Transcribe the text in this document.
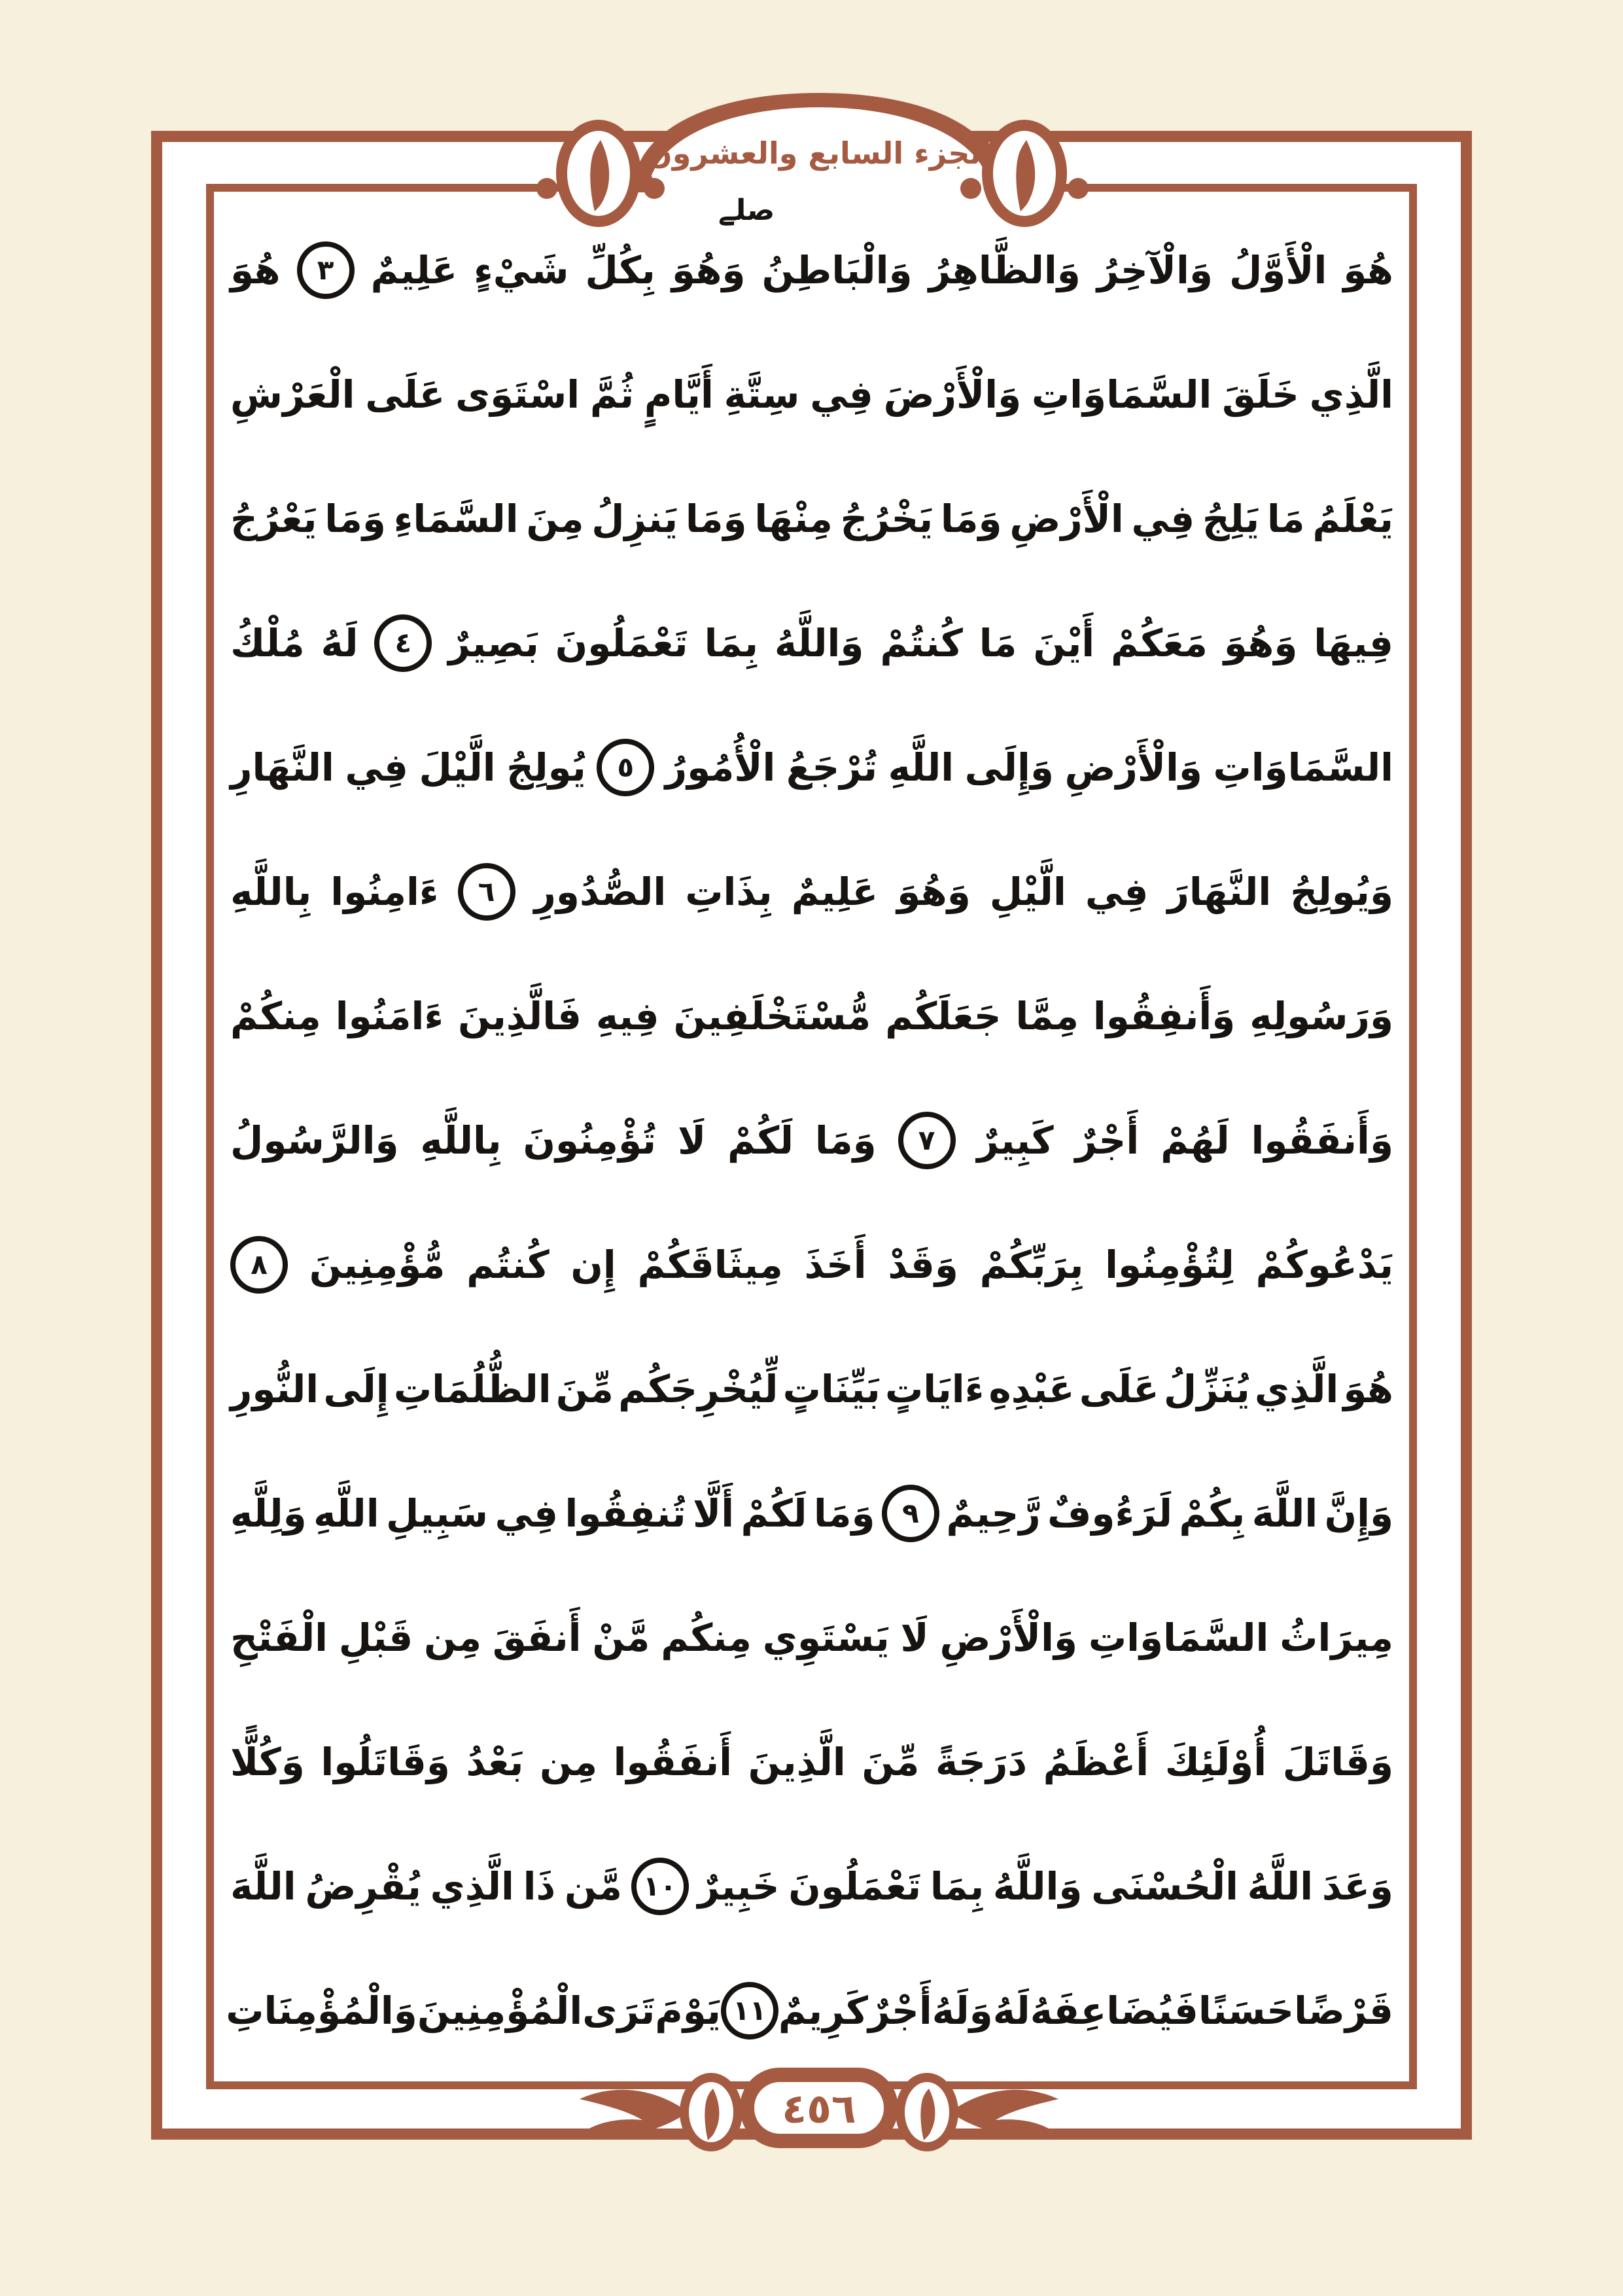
الجزء السابع والعشرون
صلے
هُوَ
الْأَوَّلُ
وَالْآخِرُ
وَالظَّاهِرُ
وَالْبَاطِنُ
وَهُوَ
بِكُلِّ
شَيْءٍ
عَلِيمٌ
٣
هُوَ
الَّذِي
خَلَقَ
السَّمَاوَاتِ
وَالْأَرْضَ
فِي
سِتَّةِ
أَيَّامٍ
ثُمَّ
اسْتَوَى
عَلَى
الْعَرْشِ
يَعْلَمُ
مَا
يَلِجُ
فِي
الْأَرْضِ
وَمَا
يَخْرُجُ
مِنْهَا
وَمَا
يَنزِلُ
مِنَ
السَّمَاءِ
وَمَا
يَعْرُجُ
فِيهَا
وَهُوَ
مَعَكُمْ
أَيْنَ
مَا
كُنتُمْ
وَاللَّهُ
بِمَا
تَعْمَلُونَ
بَصِيرٌ
٤
لَهُ
مُلْكُ
السَّمَاوَاتِ
وَالْأَرْضِ
وَإِلَى
اللَّهِ
تُرْجَعُ
الْأُمُورُ
٥
يُولِجُ
الَّيْلَ
فِي
النَّهَارِ
وَيُولِجُ
النَّهَارَ
فِي
الَّيْلِ
وَهُوَ
عَلِيمٌ
بِذَاتِ
الصُّدُورِ
٦
ءَامِنُوا
بِاللَّهِ
وَرَسُولِهِ
وَأَنفِقُوا
مِمَّا
جَعَلَكُم
مُّسْتَخْلَفِينَ
فِيهِ
فَالَّذِينَ
ءَامَنُوا
مِنكُمْ
وَأَنفَقُوا
لَهُمْ
أَجْرٌ
كَبِيرٌ
٧
وَمَا
لَكُمْ
لَا
تُؤْمِنُونَ
بِاللَّهِ
وَالرَّسُولُ
يَدْعُوكُمْ
لِتُؤْمِنُوا
بِرَبِّكُمْ
وَقَدْ
أَخَذَ
مِيثَاقَكُمْ
إِن
كُنتُم
مُّؤْمِنِينَ
٨
هُوَ
الَّذِي
يُنَزِّلُ
عَلَى
عَبْدِهِ
ءَايَاتٍ
بَيِّنَاتٍ
لِّيُخْرِجَكُم
مِّنَ
الظُّلُمَاتِ
إِلَى
النُّورِ
وَإِنَّ
اللَّهَ
بِكُمْ
لَرَءُوفٌ
رَّحِيمٌ
٩
وَمَا
لَكُمْ
أَلَّا
تُنفِقُوا
فِي
سَبِيلِ
اللَّهِ
وَلِلَّهِ
مِيرَاثُ
السَّمَاوَاتِ
وَالْأَرْضِ
لَا
يَسْتَوِي
مِنكُم
مَّنْ
أَنفَقَ
مِن
قَبْلِ
الْفَتْحِ
وَقَاتَلَ
أُوْلَئِكَ
أَعْظَمُ
دَرَجَةً
مِّنَ
الَّذِينَ
أَنفَقُوا
مِن
بَعْدُ
وَقَاتَلُوا
وَكُلًّا
وَعَدَ
اللَّهُ
الْحُسْنَى
وَاللَّهُ
بِمَا
تَعْمَلُونَ
خَبِيرٌ
١٠
مَّن
ذَا
الَّذِي
يُقْرِضُ
اللَّهَ
قَرْضًا
حَسَنًا
فَيُضَاعِفَهُ
لَهُ
وَلَهُ
أَجْرٌ
كَرِيمٌ
١١
يَوْمَ
تَرَى
الْمُؤْمِنِينَ
وَالْمُؤْمِنَاتِ
٤٥٦
